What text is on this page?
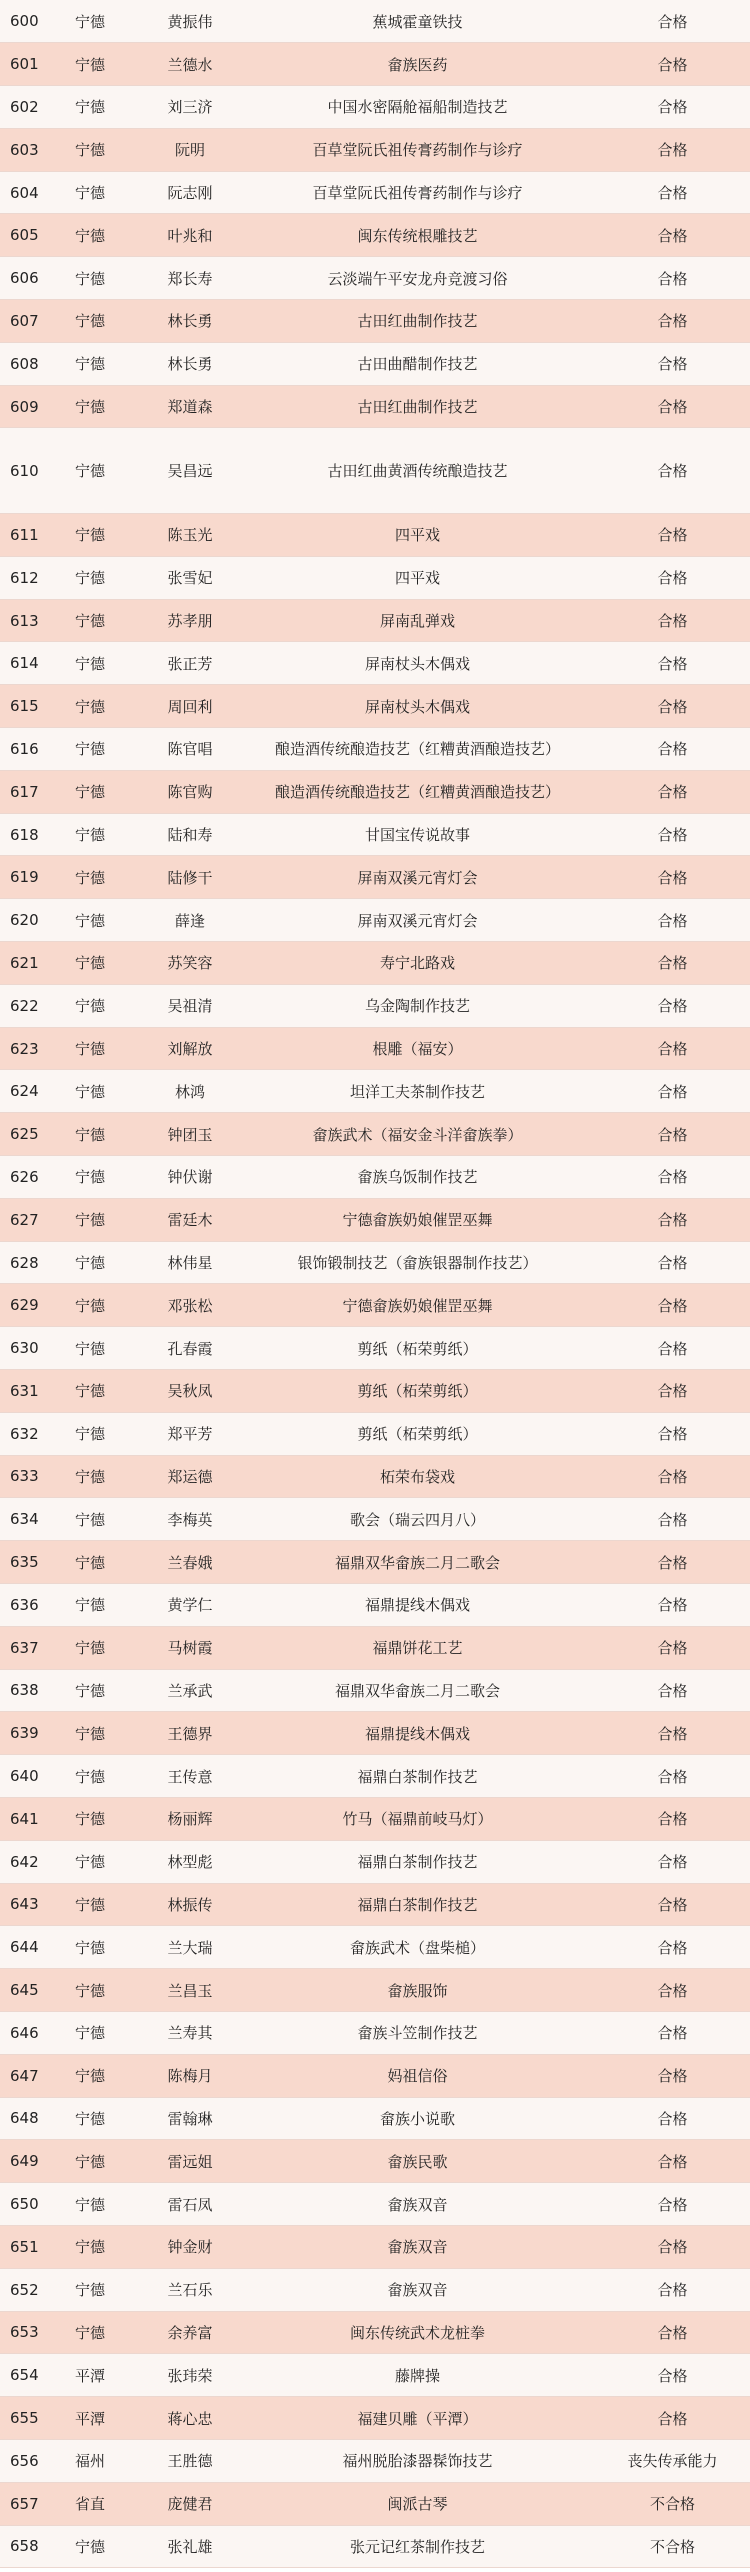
600	宁德	黄振伟	蕉城霍童铁技	合格
601	宁德	兰德水	畲族医药	合格
602	宁德	刘三济	中国水密隔舱福船制造技艺	合格
603	宁德	阮明	百草堂阮氏祖传膏药制作与诊疗	合格
604	宁德	阮志刚	百草堂阮氏祖传膏药制作与诊疗	合格
605	宁德	叶兆和	闽东传统根雕技艺	合格
606	宁德	郑长寿	云淡端午平安龙舟竞渡习俗	合格
607	宁德	林长勇	古田红曲制作技艺	合格
608	宁德	林长勇	古田曲醋制作技艺	合格
609	宁德	郑道森	古田红曲制作技艺	合格
610	宁德	吴昌远	古田红曲黄酒传统酿造技艺	合格
611	宁德	陈玉光	四平戏	合格
612	宁德	张雪妃	四平戏	合格
613	宁德	苏孝朋	屏南乱弹戏	合格
614	宁德	张正芳	屏南杖头木偶戏	合格
615	宁德	周回利	屏南杖头木偶戏	合格
616	宁德	陈官唱	酿造酒传统酿造技艺（红糟黄酒酿造技艺）	合格
617	宁德	陈官购	酿造酒传统酿造技艺（红糟黄酒酿造技艺）	合格
618	宁德	陆和寿	甘国宝传说故事	合格
619	宁德	陆修干	屏南双溪元宵灯会	合格
620	宁德	薛逢	屏南双溪元宵灯会	合格
621	宁德	苏笑容	寿宁北路戏	合格
622	宁德	吴祖清	乌金陶制作技艺	合格
623	宁德	刘解放	根雕（福安）	合格
624	宁德	林鸿	坦洋工夫茶制作技艺	合格
625	宁德	钟团玉	畲族武术（福安金斗洋畲族拳）	合格
626	宁德	钟伏谢	畲族乌饭制作技艺	合格
627	宁德	雷廷木	宁德畲族奶娘催罡巫舞	合格
628	宁德	林伟星	银饰锻制技艺（畲族银器制作技艺）	合格
629	宁德	邓张松	宁德畲族奶娘催罡巫舞	合格
630	宁德	孔春霞	剪纸（柘荣剪纸）	合格
631	宁德	吴秋凤	剪纸（柘荣剪纸）	合格
632	宁德	郑平芳	剪纸（柘荣剪纸）	合格
633	宁德	郑运德	柘荣布袋戏	合格
634	宁德	李梅英	歌会（瑞云四月八）	合格
635	宁德	兰春娥	福鼎双华畲族二月二歌会	合格
636	宁德	黄学仁	福鼎提线木偶戏	合格
637	宁德	马树霞	福鼎饼花工艺	合格
638	宁德	兰承武	福鼎双华畲族二月二歌会	合格
639	宁德	王德界	福鼎提线木偶戏	合格
640	宁德	王传意	福鼎白茶制作技艺	合格
641	宁德	杨丽辉	竹马（福鼎前岐马灯）	合格
642	宁德	林型彪	福鼎白茶制作技艺	合格
643	宁德	林振传	福鼎白茶制作技艺	合格
644	宁德	兰大瑞	畲族武术（盘柴槌）	合格
645	宁德	兰昌玉	畲族服饰	合格
646	宁德	兰寿其	畲族斗笠制作技艺	合格
647	宁德	陈梅月	妈祖信俗	合格
648	宁德	雷翰琳	畲族小说歌	合格
649	宁德	雷远姐	畲族民歌	合格
650	宁德	雷石凤	畲族双音	合格
651	宁德	钟金财	畲族双音	合格
652	宁德	兰石乐	畲族双音	合格
653	宁德	余养富	闽东传统武术龙桩拳	合格
654	平潭	张玮荣	藤牌操	合格
655	平潭	蒋心忠	福建贝雕（平潭）	合格
656	福州	王胜德	福州脱胎漆器髹饰技艺	丧失传承能力
657	省直	庞健君	闽派古琴	不合格
658	宁德	张礼雄	张元记红茶制作技艺	不合格
